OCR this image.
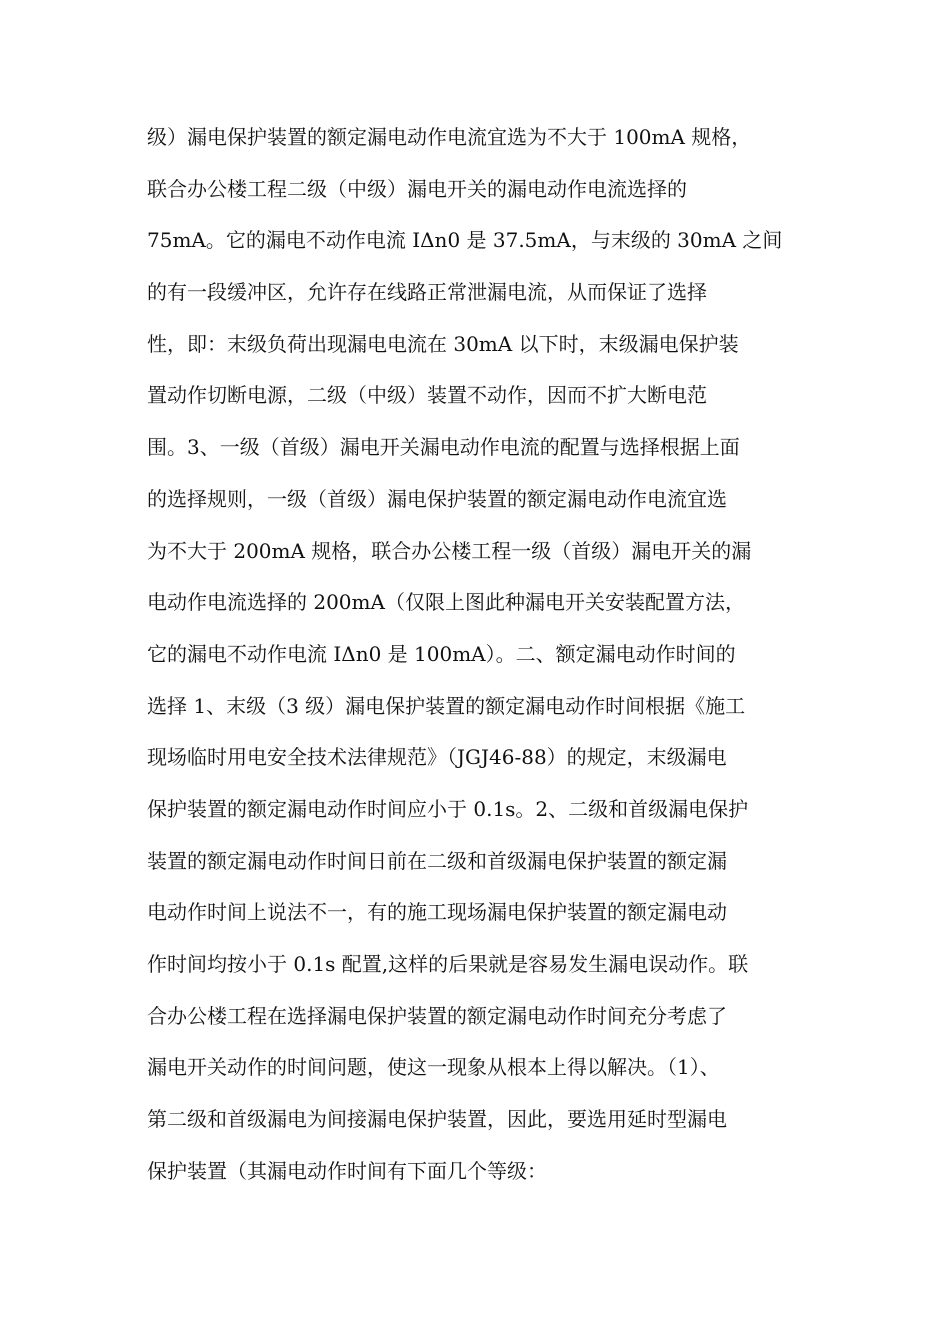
级）漏电保护装置的额定漏电动作电流宜选为不大于 100mA 规格，
联合办公楼工程二级（中级）漏电开关的漏电动作电流选择的
75mA。它的漏电不动作电流 IΔn0 是 37.5mA，与末级的 30mA 之间
的有一段缓冲区，允许存在线路正常泄漏电流，从而保证了选择
性，即：末级负荷出现漏电电流在 30mA 以下时，末级漏电保护装
置动作切断电源，二级（中级）装置不动作，因而不扩大断电范
围。3、一级（首级）漏电开关漏电动作电流的配置与选择根据上面
的选择规则，一级（首级）漏电保护装置的额定漏电动作电流宜选
为不大于 200mA 规格，联合办公楼工程一级（首级）漏电开关的漏
电动作电流选择的 200mA（仅限上图此种漏电开关安装配置方法，
它的漏电不动作电流 IΔn0 是 100mA）。二、额定漏电动作时间的
选择 1、末级（3 级）漏电保护装置的额定漏电动作时间根据《施工
现场临时用电安全技术法律规范》（JGJ46-88）的规定，末级漏电
保护装置的额定漏电动作时间应小于 0.1s。2、二级和首级漏电保护
装置的额定漏电动作时间日前在二级和首级漏电保护装置的额定漏
电动作时间上说法不一，有的施工现场漏电保护装置的额定漏电动
作时间均按小于 0.1s 配置,这样的后果就是容易发生漏电误动作。联
合办公楼工程在选择漏电保护装置的额定漏电动作时间充分考虑了
漏电开关动作的时间问题，使这一现象从根本上得以解决。（1）、
第二级和首级漏电为间接漏电保护装置，因此，要选用延时型漏电
保护装置（其漏电动作时间有下面几个等级：
